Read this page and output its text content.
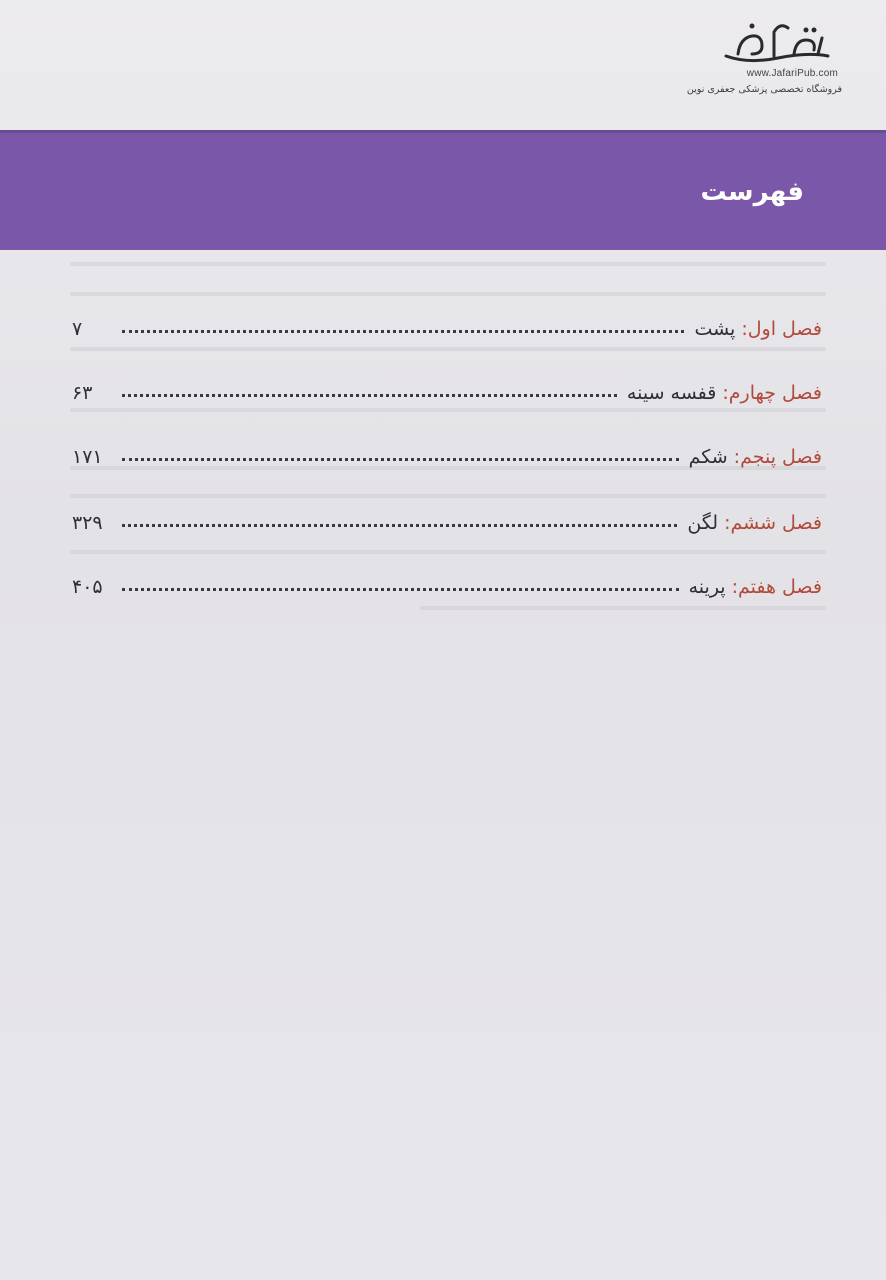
www.JafariPub.com
فروشگاه تخصصی پزشکی جعفری نوین
فهرست
فصل اول:
پشت
۷
فصل چهارم:
قفسه سینه
۶۳
فصل پنجم:
شکم
۱۷۱
فصل ششم:
لگن
۳۲۹
فصل هفتم:
پرینه
۴۰۵
